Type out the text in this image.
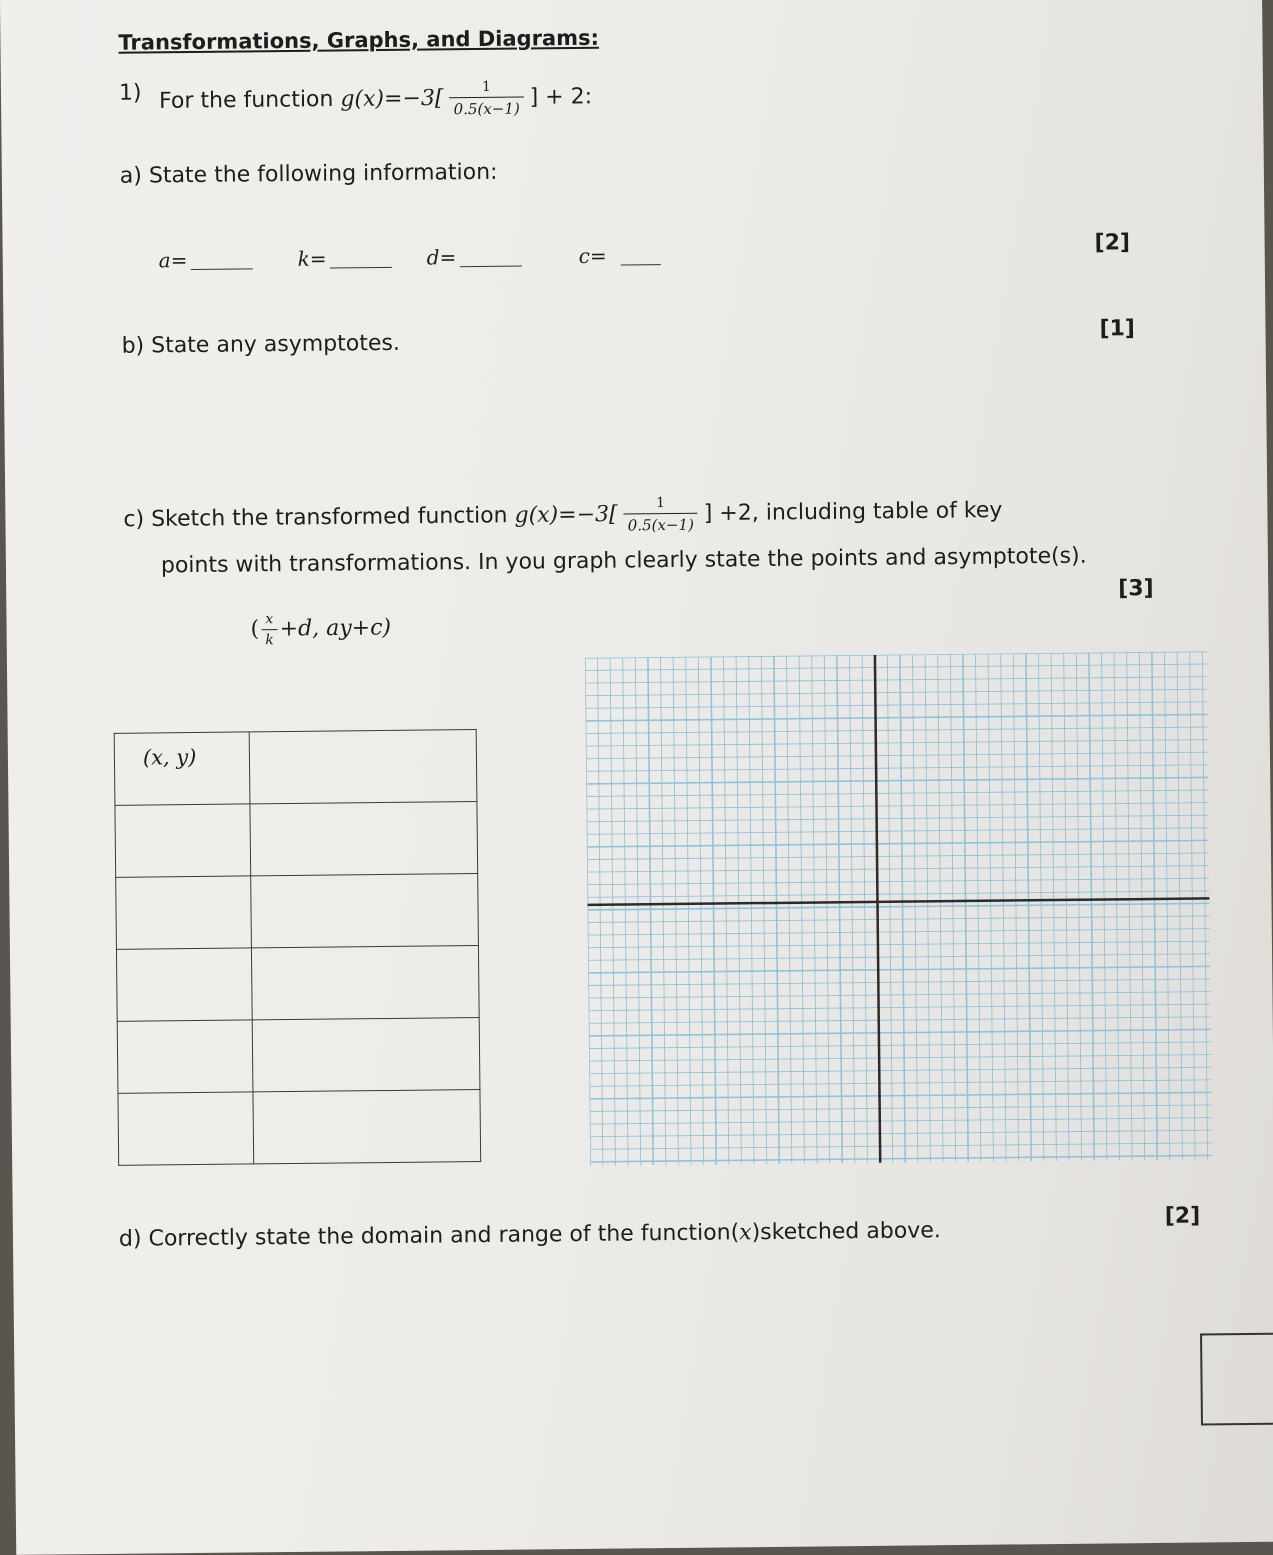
Transformations, Graphs, and Diagrams:
1) For the function $g(x)=-3[ \frac{1}{0.5(x-1)}$ ] + 2:
a) State the following information:
a=	k=	d=	c=
[2]
b) State any asymptotes.
[1]
c) Sketch the transformed function $g(x)=-3[ \frac{1}{0.5(x-1)}$ ] +2, including table of key
points with transformations. In you graph clearly state the points and asymptote(s).
[3]
( $\frac{x}{k} +d$, ay+c)
(x, y)	

d) Correctly state the domain and range of the function(x)sketched above.
[2]
